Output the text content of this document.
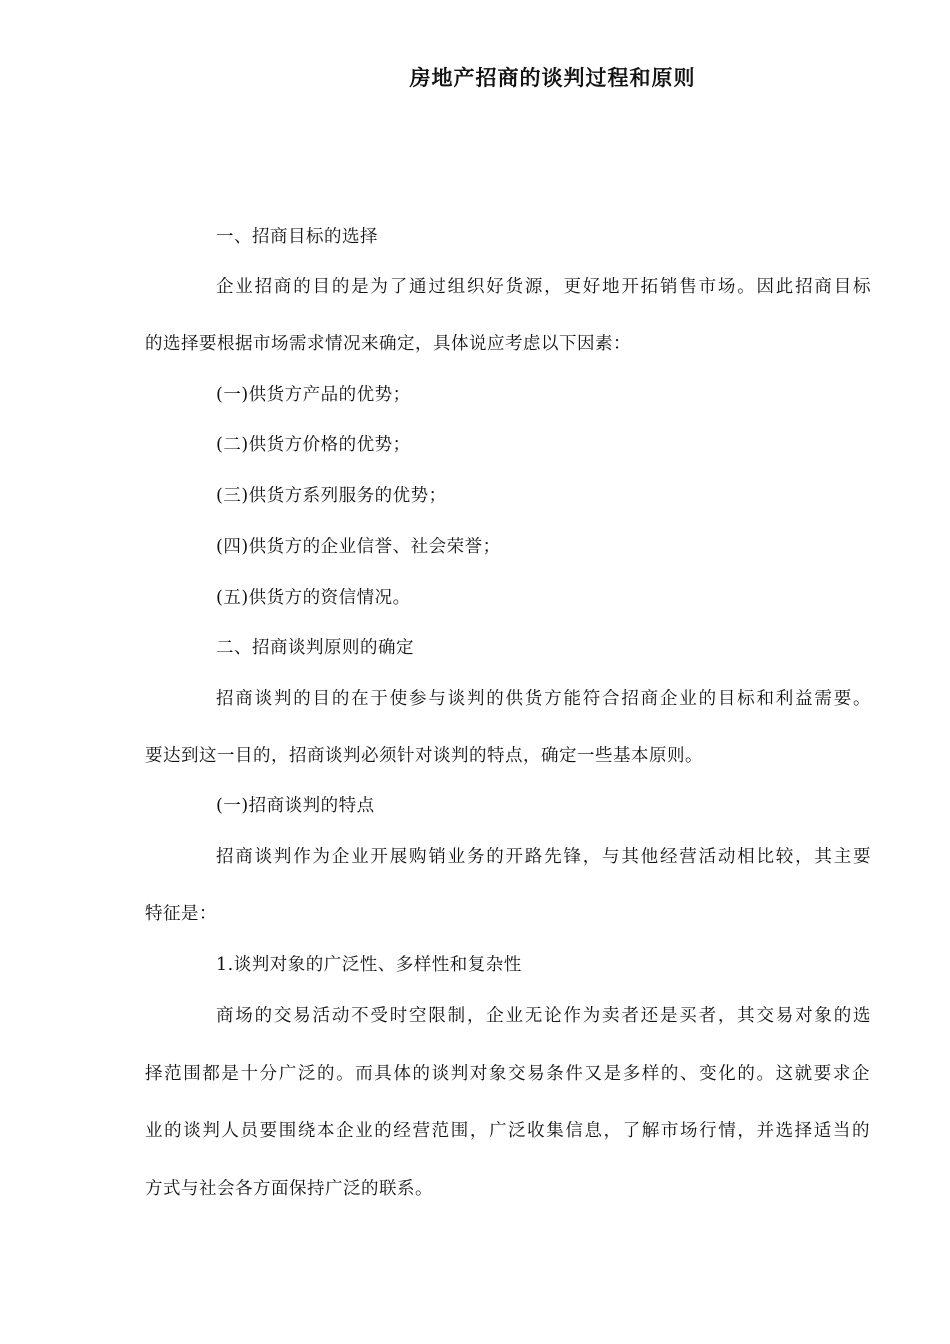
房地产招商的谈判过程和原则
一、招商目标的选择
企业招商的目的是为了通过组织好货源，更好地开拓销售市场。因此招商目标
的选择要根据市场需求情况来确定，具体说应考虑以下因素：
(一)供货方产品的优势；
(二)供货方价格的优势；
(三)供货方系列服务的优势；
(四)供货方的企业信誉、社会荣誉；
(五)供货方的资信情况。
二、招商谈判原则的确定
招商谈判的目的在于使参与谈判的供货方能符合招商企业的目标和利益需要。
要达到这一目的，招商谈判必须针对谈判的特点，确定一些基本原则。
(一)招商谈判的特点
招商谈判作为企业开展购销业务的开路先锋，与其他经营活动相比较，其主要
特征是：
1.谈判对象的广泛性、多样性和复杂性
商场的交易活动不受时空限制，企业无论作为卖者还是买者，其交易对象的选
择范围都是十分广泛的。而具体的谈判对象交易条件又是多样的、变化的。这就要求企
业的谈判人员要围绕本企业的经营范围，广泛收集信息，了解市场行情，并选择适当的
方式与社会各方面保持广泛的联系。
